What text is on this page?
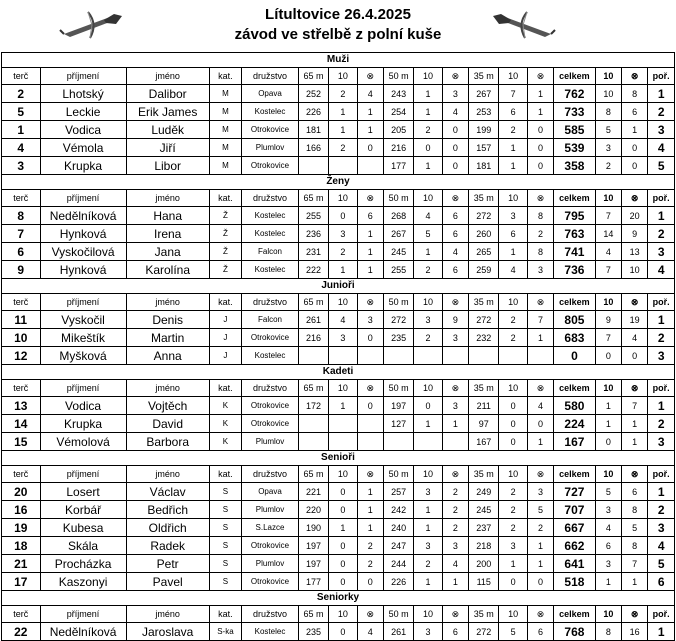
Lítultovice 26.4.2025
závod ve střelbě z polní kuše
Muži																	
terč	příjmení	jméno	kat.	družstvo	65 m	10	⊗	50 m	10	⊗	35 m	10	⊗	celkem	10	⊗	poř.
2	Lhotský	Dalibor	M	Opava	252	2	4	243	1	3	267	7	1	762	10	8	1
5	Leckie	Erik James	M	Kostelec	226	1	1	254	1	4	253	6	1	733	8	6	2
1	Vodica	Luděk	M	Otrokovice	181	1	1	205	2	0	199	2	0	585	5	1	3
4	Vémola	Jiří	M	Plumlov	166	2	0	216	0	0	157	1	0	539	3	0	4
3	Krupka	Libor	M	Otrokovice				177	1	0	181	1	0	358	2	0	5
Ženy																	
terč	příjmení	jméno	kat.	družstvo	65 m	10	⊗	50 m	10	⊗	35 m	10	⊗	celkem	10	⊗	poř.
8	Nedělníková	Hana	Ž	Kostelec	255	0	6	268	4	6	272	3	8	795	7	20	1
7	Hynková	Irena	Ž	Kostelec	236	3	1	267	5	6	260	6	2	763	14	9	2
6	Vyskočilová	Jana	Ž	Falcon	231	2	1	245	1	4	265	1	8	741	4	13	3
9	Hynková	Karolína	Ž	Kostelec	222	1	1	255	2	6	259	4	3	736	7	10	4
Junioři																	
terč	příjmení	jméno	kat.	družstvo	65 m	10	⊗	50 m	10	⊗	35 m	10	⊗	celkem	10	⊗	poř.
11	Vyskočil	Denis	J	Falcon	261	4	3	272	3	9	272	2	7	805	9	19	1
10	Mikeštík	Martin	J	Otrokovice	216	3	0	235	2	3	232	2	1	683	7	4	2
12	Myšková	Anna	J	Kostelec										0	0	0	3
Kadeti																	
terč	příjmení	jméno	kat.	družstvo	65 m	10	⊗	50 m	10	⊗	35 m	10	⊗	celkem	10	⊗	poř.
13	Vodica	Vojtěch	K	Otrokovice	172	1	0	197	0	3	211	0	4	580	1	7	1
14	Krupka	David	K	Otrokovice				127	1	1	97	0	0	224	1	1	2
15	Vémolová	Barbora	K	Plumlov							167	0	1	167	0	1	3
Senioři																	
terč	příjmení	jméno	kat.	družstvo	65 m	10	⊗	50 m	10	⊗	35 m	10	⊗	celkem	10	⊗	poř.
20	Losert	Václav	S	Opava	221	0	1	257	3	2	249	2	3	727	5	6	1
16	Korbář	Bedřich	S	Plumlov	220	0	1	242	1	2	245	2	5	707	3	8	2
19	Kubesa	Oldřich	S	S.Lazce	190	1	1	240	1	2	237	2	2	667	4	5	3
18	Skála	Radek	S	Otrokovice	197	0	2	247	3	3	218	3	1	662	6	8	4
21	Procházka	Petr	S	Plumlov	197	0	2	244	2	4	200	1	1	641	3	7	5
17	Kaszonyi	Pavel	S	Otrokovice	177	0	0	226	1	1	115	0	0	518	1	1	6
Seniorky																	
terč	příjmení	jméno	kat.	družstvo	65 m	10	⊗	50 m	10	⊗	35 m	10	⊗	celkem	10	⊗	poř.
22	Nedělníková	Jaroslava	S-ka	Kostelec	235	0	4	261	3	6	272	5	6	768	8	16	1
